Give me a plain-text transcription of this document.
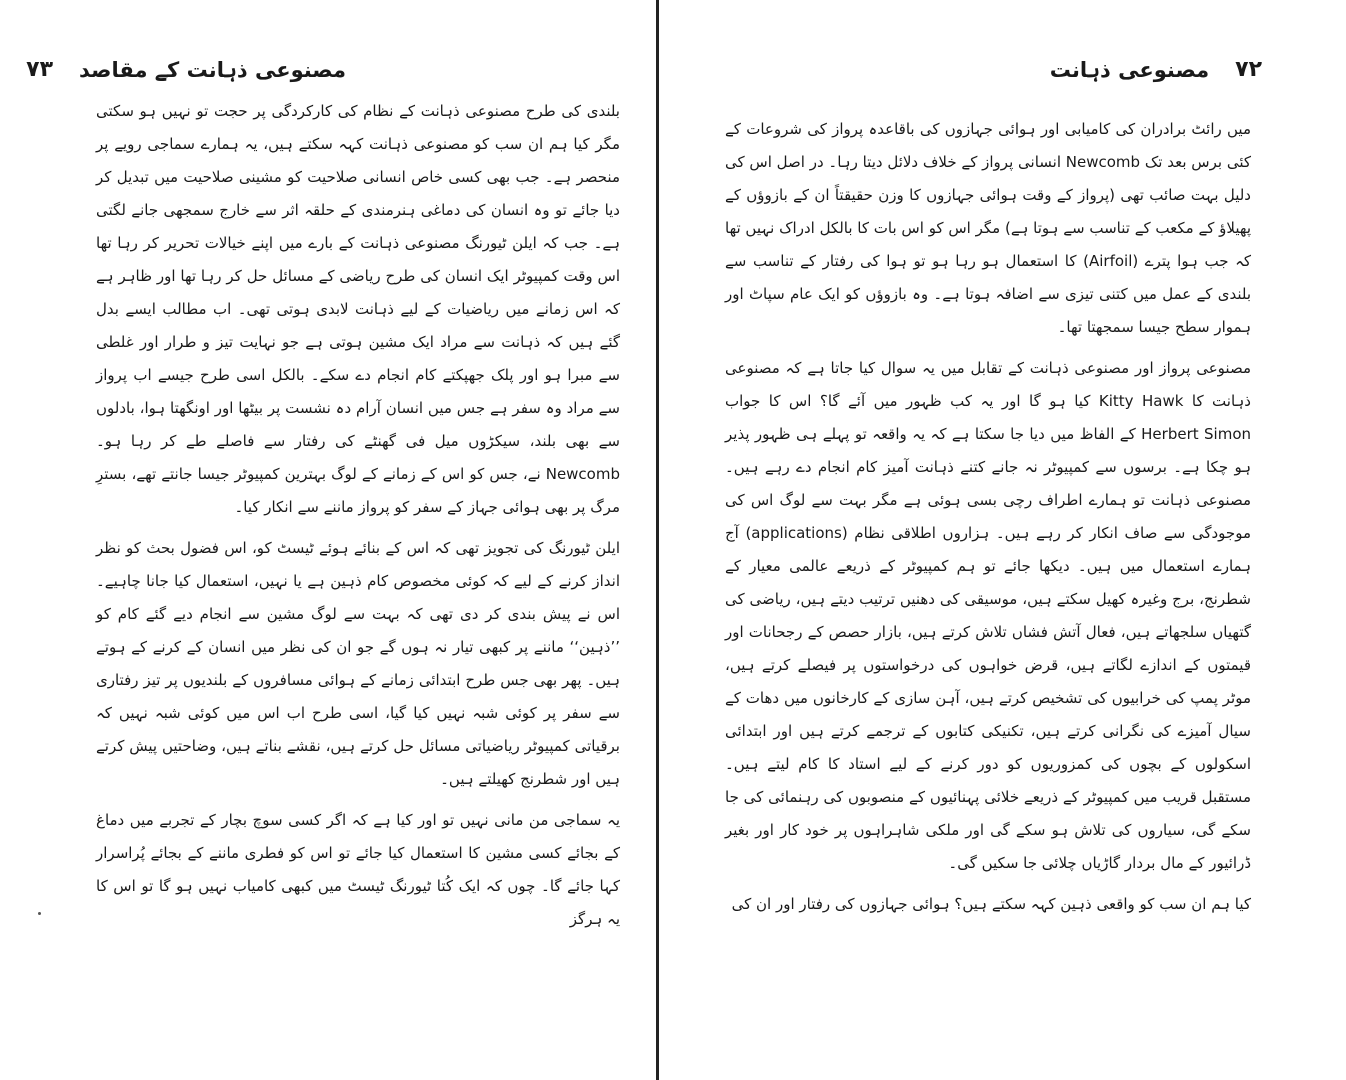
مصنوعی ذہانت کے مقاصد
۷۳

بلندی کی طرح مصنوعی ذہانت کے نظام کی کارکردگی پر حجت تو نہیں ہو سکتی مگر کیا ہم ان سب کو مصنوعی ذہانت کہہ سکتے ہیں، یہ ہمارے سماجی رویے پر منحصر ہے۔ جب بھی کسی خاص انسانی صلاحیت کو مشینی صلاحیت میں تبدیل کر دیا جائے تو وہ انسان کی دماغی ہنرمندی کے حلقہ اثر سے خارج سمجھی جانے لگتی ہے۔ جب کہ ایلن ٹیورنگ مصنوعی ذہانت کے بارے میں اپنے خیالات تحریر کر رہا تھا اس وقت کمپیوٹر ایک انسان کی طرح ریاضی کے مسائل حل کر رہا تھا اور ظاہر ہے کہ اس زمانے میں ریاضیات کے لیے ذہانت لابدی ہوتی تھی۔ اب مطالب ایسے بدل گئے ہیں کہ ذہانت سے مراد ایک مشین ہوتی ہے جو نہایت تیز و طرار اور غلطی سے مبرا ہو اور پلک جھپکتے کام انجام دے سکے۔ بالکل اسی طرح جیسے اب پرواز سے مراد وہ سفر ہے جس میں انسان آرام دہ نشست پر بیٹھا اور اونگھتا ہوا، بادلوں سے بھی بلند، سیکڑوں میل فی گھنٹے کی رفتار سے فاصلے طے کر رہا ہو۔ Newcomb نے، جس کو اس کے زمانے کے لوگ بہترین کمپیوٹر جیسا جانتے تھے، بسترِ مرگ پر بھی ہوائی جہاز کے سفر کو پرواز ماننے سے انکار کیا۔

ایلن ٹیورنگ کی تجویز تھی کہ اس کے بنائے ہوئے ٹیسٹ کو، اس فضول بحث کو نظر انداز کرنے کے لیے کہ کوئی مخصوص کام ذہین ہے یا نہیں، استعمال کیا جانا چاہیے۔ اس نے پیش بندی کر دی تھی کہ بہت سے لوگ مشین سے انجام دیے گئے کام کو ’’ذہین‘‘ ماننے پر کبھی تیار نہ ہوں گے جو ان کی نظر میں انسان کے کرنے کے ہوتے ہیں۔ پھر بھی جس طرح ابتدائی زمانے کے ہوائی مسافروں کے بلندیوں پر تیز رفتاری سے سفر پر کوئی شبہ نہیں کیا گیا، اسی طرح اب اس میں کوئی شبہ نہیں کہ برقیاتی کمپیوٹر ریاضیاتی مسائل حل کرتے ہیں، نقشے بناتے ہیں، وضاحتیں پیش کرتے ہیں اور شطرنج کھیلتے ہیں۔

یہ سماجی من مانی نہیں تو اور کیا ہے کہ اگر کسی سوچ بچار کے تجربے میں دماغ کے بجائے کسی مشین کا استعمال کیا جائے تو اس کو فطری ماننے کے بجائے پُراسرار کہا جائے گا۔ چوں کہ ایک کُتا ٹیورنگ ٹیسٹ میں کبھی کامیاب نہیں ہو گا تو اس کا یہ ہرگز

۷۲
مصنوعی ذہانت

میں رائٹ برادران کی کامیابی اور ہوائی جہازوں کی باقاعدہ پرواز کی شروعات کے کئی برس بعد تک Newcomb انسانی پرواز کے خلاف دلائل دیتا رہا۔ در اصل اس کی دلیل بہت صائب تھی (پرواز کے وقت ہوائی جہازوں کا وزن حقیقتاً ان کے بازوؤں کے پھیلاؤ کے مکعب کے تناسب سے ہوتا ہے) مگر اس کو اس بات کا بالکل ادراک نہیں تھا کہ جب ہوا پترے (Airfoil) کا استعمال ہو رہا ہو تو ہوا کی رفتار کے تناسب سے بلندی کے عمل میں کتنی تیزی سے اضافہ ہوتا ہے۔ وہ بازوؤں کو ایک عام سپاٹ اور ہموار سطح جیسا سمجھتا تھا۔

مصنوعی پرواز اور مصنوعی ذہانت کے تقابل میں یہ سوال کیا جاتا ہے کہ مصنوعی ذہانت کا Kitty Hawk کیا ہو گا اور یہ کب ظہور میں آئے گا؟ اس کا جواب Herbert Simon کے الفاظ میں دیا جا سکتا ہے کہ یہ واقعہ تو پہلے ہی ظہور پذیر ہو چکا ہے۔ برسوں سے کمپیوٹر نہ جانے کتنے ذہانت آمیز کام انجام دے رہے ہیں۔ مصنوعی ذہانت تو ہمارے اطراف رچی بسی ہوئی ہے مگر بہت سے لوگ اس کی موجودگی سے صاف انکار کر رہے ہیں۔ ہزاروں اطلاقی نظام (applications) آج ہمارے استعمال میں ہیں۔ دیکھا جائے تو ہم کمپیوٹر کے ذریعے عالمی معیار کے شطرنج، برج وغیرہ کھیل سکتے ہیں، موسیقی کی دھنیں ترتیب دیتے ہیں، ریاضی کی گتھیاں سلجھاتے ہیں، فعال آتش فشاں تلاش کرتے ہیں، بازار حصص کے رجحانات اور قیمتوں کے اندازے لگاتے ہیں، قرض خواہوں کی درخواستوں پر فیصلے کرتے ہیں، موٹر پمپ کی خرابیوں کی تشخیص کرتے ہیں، آہن سازی کے کارخانوں میں دھات کے سیال آمیزے کی نگرانی کرتے ہیں، تکنیکی کتابوں کے ترجمے کرتے ہیں اور ابتدائی اسکولوں کے بچوں کی کمزوریوں کو دور کرنے کے لیے استاد کا کام لیتے ہیں۔ مستقبل قریب میں کمپیوٹر کے ذریعے خلائی پہنائیوں کے منصوبوں کی رہنمائی کی جا سکے گی، سیاروں کی تلاش ہو سکے گی اور ملکی شاہراہوں پر خود کار اور بغیر ڈرائیور کے مال بردار گاڑیاں چلائی جا سکیں گی۔

کیا ہم ان سب کو واقعی ذہین کہہ سکتے ہیں؟ ہوائی جہازوں کی رفتار اور ان کی
